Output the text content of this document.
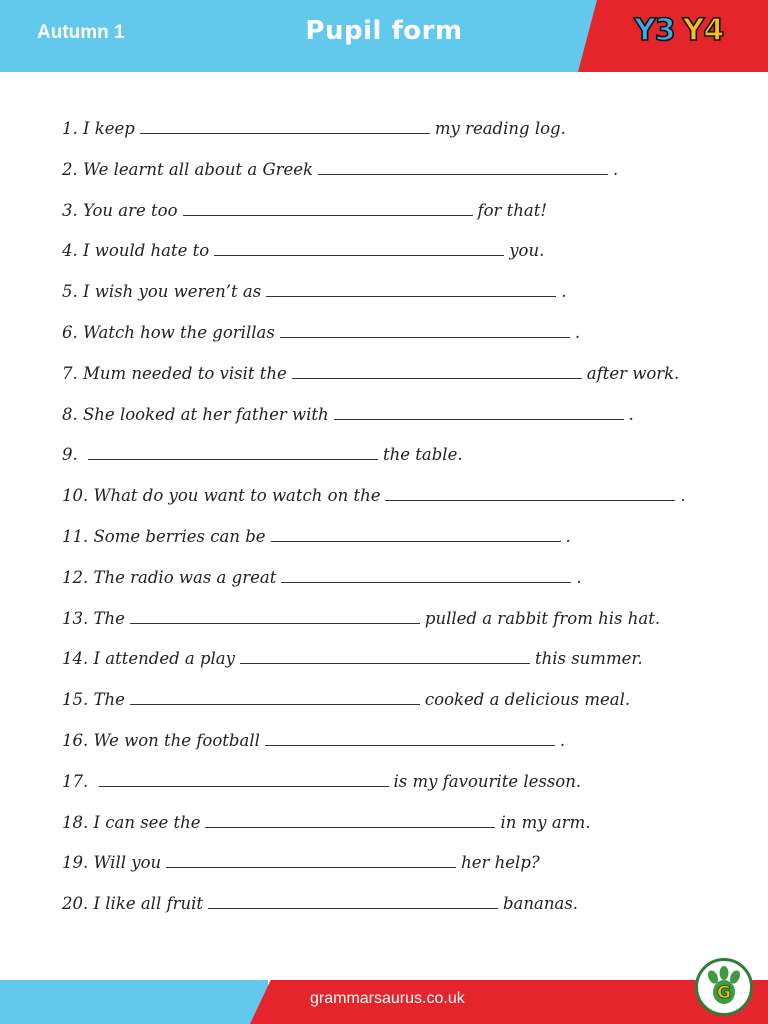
Autumn 1	Pupil form	Y3 Y4
1. I keep	my reading log.
2. We learnt all about a Greek	.
3. You are too	for that!
4. I would hate to	you.
5. I wish you weren’t as	.
6. Watch how the gorillas	.
7. Mum needed to visit the	after work.
8. She looked at her father with	.
9.	the table.
10. What do you want to watch on the	.
11. Some berries can be	.
12. The radio was a great	.
13. The	pulled a rabbit from his hat.
14. I attended a play	this summer.
15. The	cooked a delicious meal.
16. We won the football	.
17.	is my favourite lesson.
18. I can see the	in my arm.
19. Will you	her help?
20. I like all fruit	bananas.
grammarsaurus.co.uk	G
